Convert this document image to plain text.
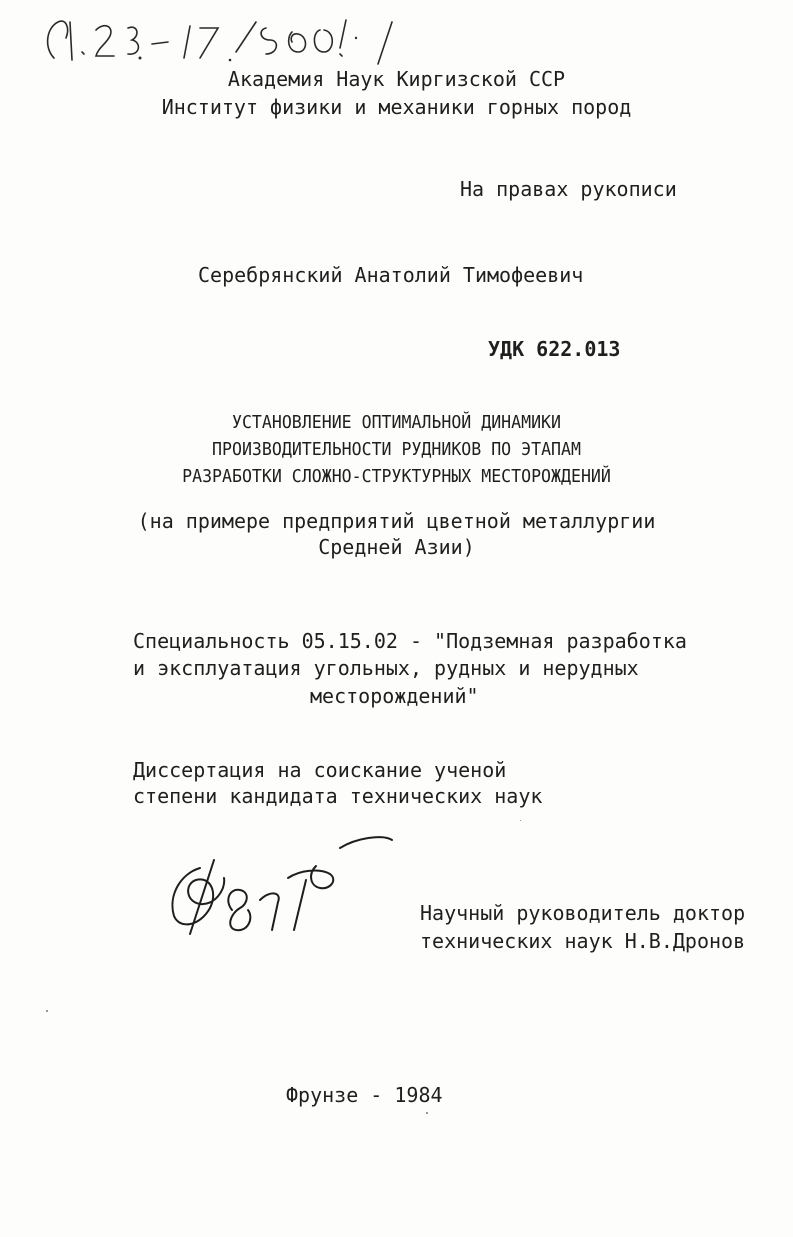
Академия Наук Киргизской ССР
Институт физики и механики горных пород
На правах рукописи
Серебрянский Анатолий Тимофеевич
УДК 622.013
УСТАНОВЛЕНИЕ ОПТИМАЛЬНОЙ ДИНАМИКИ
ПРОИЗВОДИТЕЛЬНОСТИ РУДНИКОВ ПО ЭТАПАМ
РАЗРАБОТКИ СЛОЖНО-СТРУКТУРНЫХ МЕСТОРОЖДЕНИЙ
(на примере предприятий цветной металлургии
Средней Азии)
Специальность 05.15.02 - "Подземная разработка
и эксплуатация угольных, рудных и нерудных
месторождений"
Диссертация на соискание ученой
степени кандидата технических наук
Научный руководитель доктор
технических наук Н.В.Дронов
Фрунзе - 1984
